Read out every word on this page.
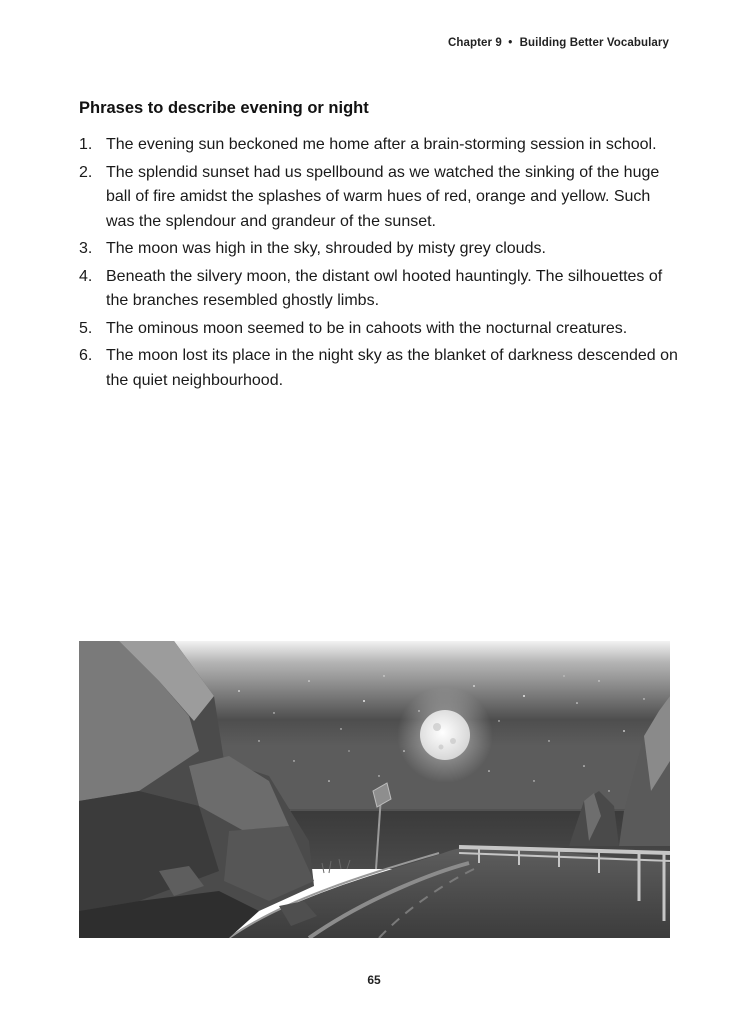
Chapter 9 • Building Better Vocabulary
Phrases to describe evening or night
1. The evening sun beckoned me home after a brain-storming session in school.
2. The splendid sunset had us spellbound as we watched the sinking of the huge ball of fire amidst the splashes of warm hues of red, orange and yellow. Such was the splendour and grandeur of the sunset.
3. The moon was high in the sky, shrouded by misty grey clouds.
4. Beneath the silvery moon, the distant owl hooted hauntingly. The silhouettes of the branches resembled ghostly limbs.
5. The ominous moon seemed to be in cahoots with the nocturnal creatures.
6. The moon lost its place in the night sky as the blanket of darkness descended on the quiet neighbourhood.
65
